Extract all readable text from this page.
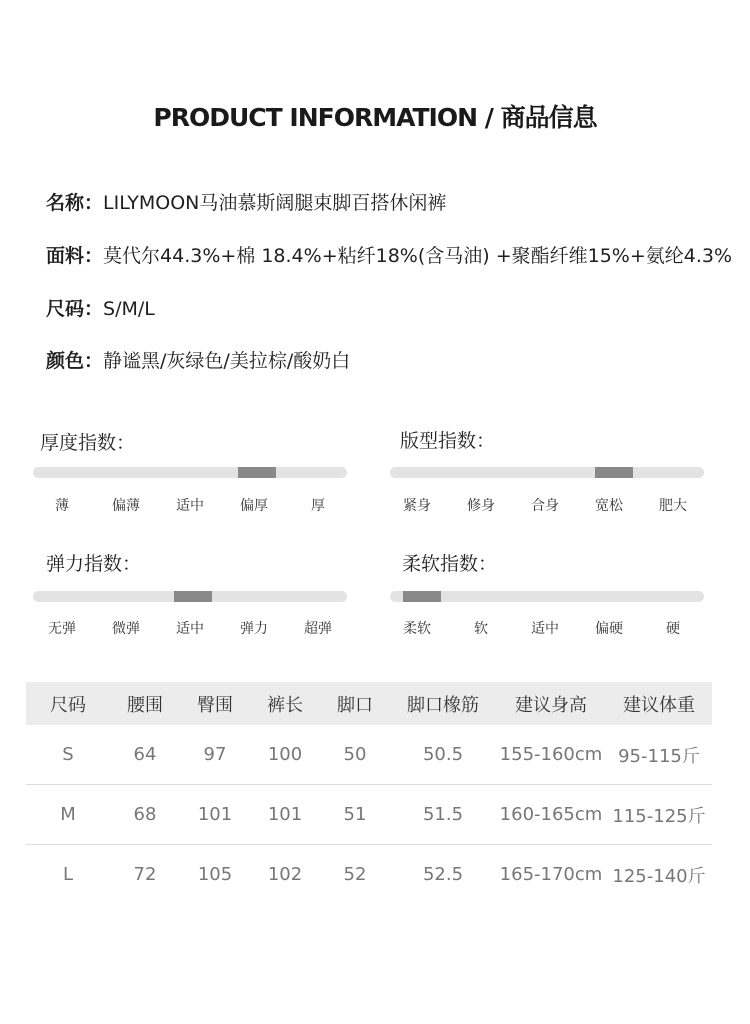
PRODUCT INFORMATION / 商品信息
名称：LILYMOON马油慕斯阔腿束脚百搭休闲裤
面料：莫代尔44.3%+棉 18.4%+粘纤18%(含马油) +聚酯纤维15%+氨纶4.3%
尺码：S/M/L
颜色：静谧黑/灰绿色/美拉棕/酸奶白
厚度指数：
薄	偏薄	适中	偏厚	厚
版型指数：
紧身	修身	合身	宽松	肥大
弹力指数：
无弹	微弹	适中	弹力	超弹
柔软指数：
柔软	软	适中	偏硬	硬
尺码	腰围	臀围	裤长	脚口	脚口橡筋	建议身高	建议体重
S	64	97	100	50	50.5	155-160cm	95-115斤
M	68	101	101	51	51.5	160-165cm	115-125斤
L	72	105	102	52	52.5	165-170cm	125-140斤
